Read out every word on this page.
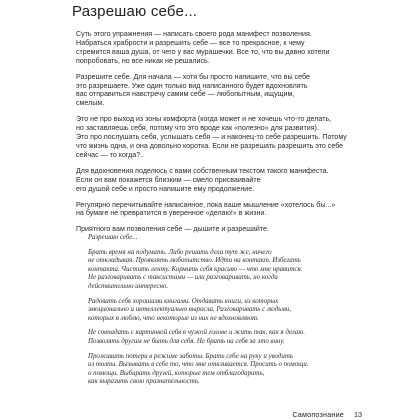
Разрешаю себе...

Суть этого упражнения — написать своего рода манифест позволения.
Набраться храбрости и разрешить себе — все то прекрасное, к чему
стремится ваша душа, от чего у вас мурашечки. Все то, что вы давно хотели
попробовать, но все никак не решались.

Разрешите себе. Для начала — хотя бы просто напишите, что вы себе
это разрешаете. Уже один только вид написанного будет вдохновлять
вас отправиться навстречу самим себе — любопытным, ищущим,
смелым.

Это не про выход из зоны комфорта (когда может и не хочешь что-то делать,
но заставляешь себя, потому что это вроде как «полезно» для развития).
Это про послушать себя, услышать себя — и наконец-то себе разрешить. Потому
что жизнь одна, и она довольно коротка. Если не разрешать разрешить это себе
сейчас — то когда?..

Для вдохновения поделюсь с вами собственным текстом такого манифеста.
Если он вам покажется близким — смело присваивайте
его душой себе и просто напишите ему продолжение.

Регулярно перечитывайте написанное, пока ваше мышление «хотелось бы...»
на бумаге не превратится в уверенное «делаю!» в жизни.

Приятного вам позволения себе — дышите и разрешайте.

Разрешаю себе...

Брать время на подумать. Либо решать дела тут же, ничего
не откладывая. Проявлять любопытство. Идти на контакт. Избегать
контакта. Чистить ленту. Кормить себя красиво — что мне нравится.
Не разговаривать с таксистами — или разговаривать, но когда
действительно интересно.

Радовать себя хорошими книгами. Отдавать книги, из которых
эмоционально и интеллектуально выросла. Разговаривать с людьми,
которых я люблю, что некоторые из них не вдохновляют.

Не совпадать с картинкой себя в чужой голове и жить так, как я делаю.
Позволять другим не быть для себя. Не брать на себя за это вину.

Проживать потери в режиме заботы. Брать себе на руку и уводить
из толпы. Вызывать в себе то, что мне откликается. Просить о помощи.
о помощи. Выбирать друзей, которые тем отблагодарить,
как выразить свою признательность.

Самопознание 13
